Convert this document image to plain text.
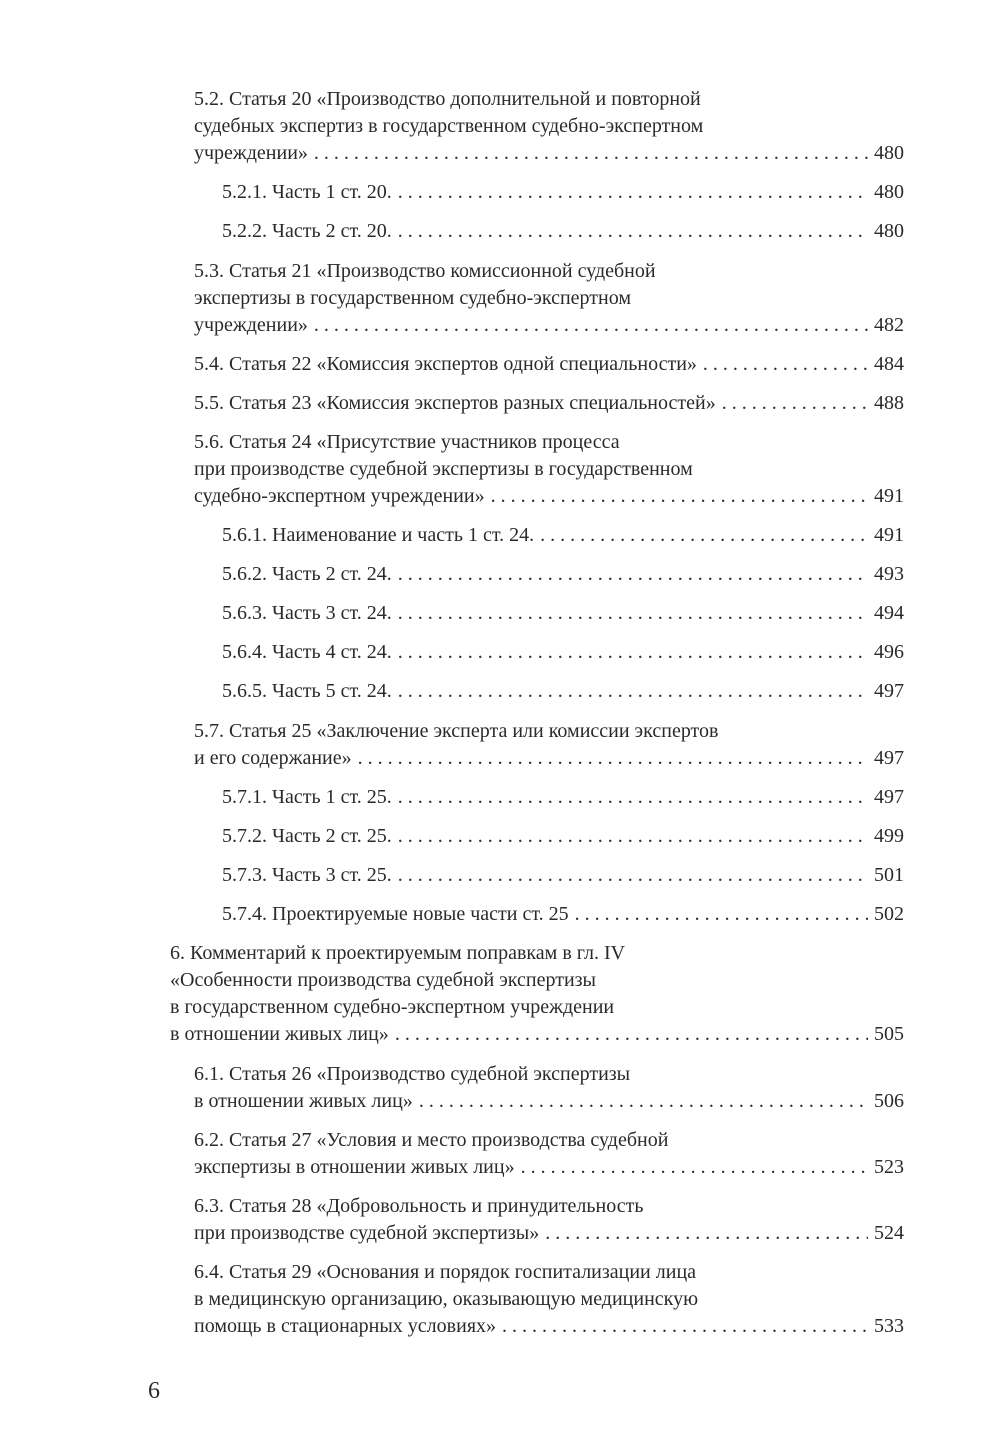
5.2. Статья 20 «Производство дополнительной и повторной
судебных экспертиз в государственном судебно-экспертном
учреждении» . . .	480
5.2.1. Часть 1 ст. 20. . . .	480
5.2.2. Часть 2 ст. 20. . . .	480
5.3. Статья 21 «Производство комиссионной судебной
экспертизы в государственном судебно-экспертном
учреждении» . . .	482
5.4. Статья 22 «Комиссия экспертов одной специальности» . . .	484
5.5. Статья 23 «Комиссия экспертов разных специальностей» . . .	488
5.6. Статья 24 «Присутствие участников процесса
при производстве судебной экспертизы в государственном
судебно-экспертном учреждении» . . .	491
5.6.1. Наименование и часть 1 ст. 24. . . .	491
5.6.2. Часть 2 ст. 24. . . .	493
5.6.3. Часть 3 ст. 24. . . .	494
5.6.4. Часть 4 ст. 24. . . .	496
5.6.5. Часть 5 ст. 24. . . .	497
5.7. Статья 25 «Заключение эксперта или комиссии экспертов
и его содержание» . . .	497
5.7.1. Часть 1 ст. 25. . . .	497
5.7.2. Часть 2 ст. 25. . . .	499
5.7.3. Часть 3 ст. 25. . . .	501
5.7.4. Проектируемые новые части ст. 25 . . .	502
6. Комментарий к проектируемым поправкам в гл. IV
«Особенности производства судебной экспертизы
в государственном судебно-экспертном учреждении
в отношении живых лиц» . . .	505
6.1. Статья 26 «Производство судебной экспертизы
в отношении живых лиц» . . .	506
6.2. Статья 27 «Условия и место производства судебной
экспертизы в отношении живых лиц» . . .	523
6.3. Статья 28 «Добровольность и принудительность
при производстве судебной экспертизы» . . .	524
6.4. Статья 29 «Основания и порядок госпитализации лица
в медицинскую организацию, оказывающую медицинскую
помощь в стационарных условиях» . . .	533
6
